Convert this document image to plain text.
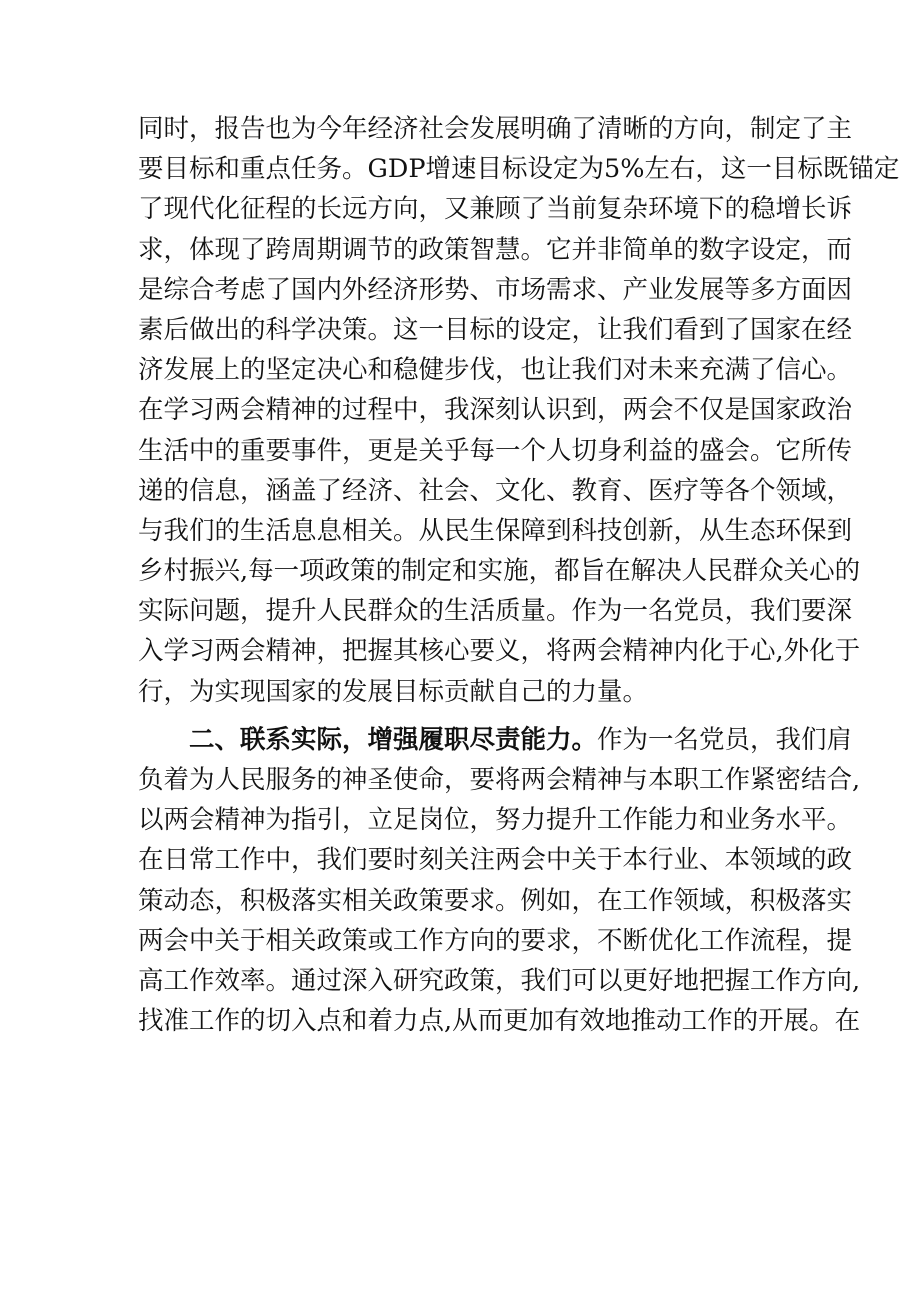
同时，报告也为今年经济社会发展明确了清晰的方向，制定了主
要目标和重点任务。GDP增速目标设定为5%左右，这一目标既锚定
了现代化征程的长远方向，又兼顾了当前复杂环境下的稳增长诉
求，体现了跨周期调节的政策智慧。它并非简单的数字设定，而
是综合考虑了国内外经济形势、市场需求、产业发展等多方面因
素后做出的科学决策。这一目标的设定，让我们看到了国家在经
济发展上的坚定决心和稳健步伐，也让我们对未来充满了信心。
在学习两会精神的过程中，我深刻认识到，两会不仅是国家政治
生活中的重要事件，更是关乎每一个人切身利益的盛会。它所传
递的信息，涵盖了经济、社会、文化、教育、医疗等各个领域，
与我们的生活息息相关。从民生保障到科技创新，从生态环保到
乡村振兴,每一项政策的制定和实施，都旨在解决人民群众关心的
实际问题，提升人民群众的生活质量。作为一名党员，我们要深
入学习两会精神，把握其核心要义，将两会精神内化于心,外化于
行，为实现国家的发展目标贡献自己的力量。
二、联系实际，增强履职尽责能力。作为一名党员，我们肩
负着为人民服务的神圣使命，要将两会精神与本职工作紧密结合,
以两会精神为指引，立足岗位，努力提升工作能力和业务水平。
在日常工作中，我们要时刻关注两会中关于本行业、本领域的政
策动态，积极落实相关政策要求。例如，在工作领域，积极落实
两会中关于相关政策或工作方向的要求，不断优化工作流程，提
高工作效率。通过深入研究政策，我们可以更好地把握工作方向,
找准工作的切入点和着力点,从而更加有效地推动工作的开展。在
